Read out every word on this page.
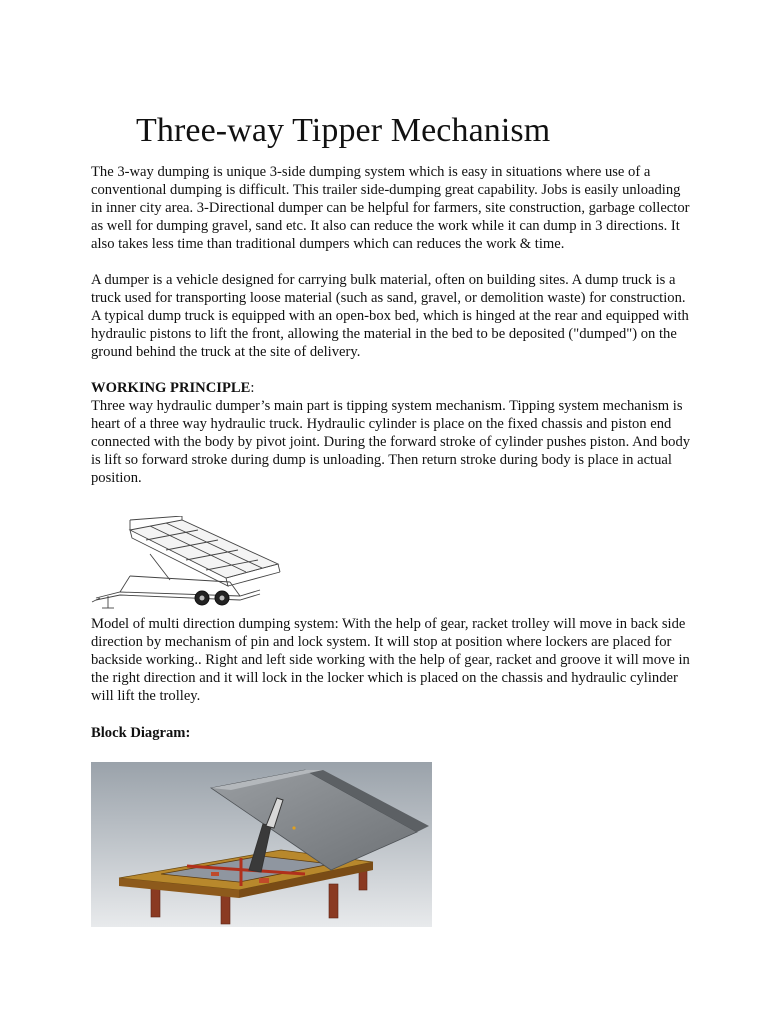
Three-way Tipper Mechanism

The 3-way dumping is unique 3-side dumping system which is easy in situations where use of a conventional dumping is difficult. This trailer side-dumping great capability. Jobs is easily unloading in inner city area. 3-Directional dumper can be helpful for farmers, site construction, garbage collector as well for dumping gravel, sand etc. It also can reduce the work while it can dump in 3 directions. It also takes less time than traditional dumpers which can reduces the work & time.

A dumper is a vehicle designed for carrying bulk material, often on building sites. A dump truck is a truck used for transporting loose material (such as sand, gravel, or demolition waste) for construction. A typical dump truck is equipped with an open-box bed, which is hinged at the rear and equipped with hydraulic pistons to lift the front, allowing the material in the bed to be deposited ("dumped") on the ground behind the truck at the site of delivery.

WORKING PRINCIPLE:

Three way hydraulic dumper’s main part is tipping system mechanism. Tipping system mechanism is heart of a three way hydraulic truck. Hydraulic cylinder is place on the fixed chassis and piston end connected with the body by pivot joint. During the forward stroke of cylinder pushes piston. And body is lift so forward stroke during dump is unloading. Then return stroke during body is place in actual position.

Model of multi direction dumping system: With the help of gear, racket trolley will move in back side direction by mechanism of pin and lock system. It will stop at position where lockers are placed for backside working.. Right and left side working with the help of gear, racket and groove it will move in the right direction and it will lock in the locker which is placed on the chassis and hydraulic cylinder will lift the trolley.

Block Diagram:
